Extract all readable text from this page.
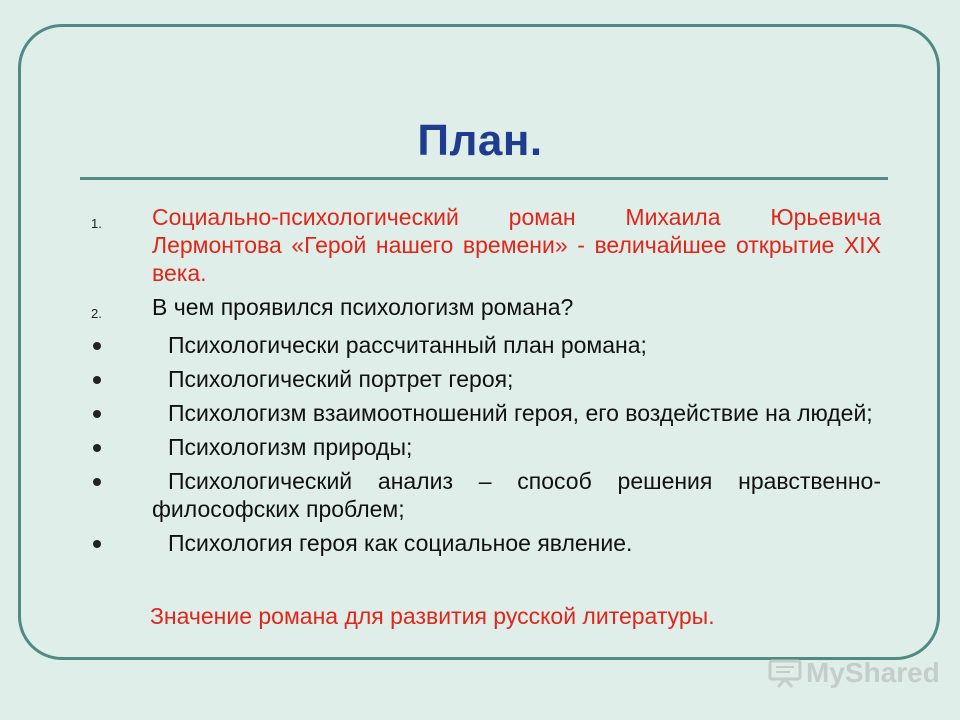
План.
1. Социально-психологический роман Михаила Юрьевича Лермонтова «Герой нашего времени» - величайшее открытие XIX века.
2. В чем проявился психологизм романа?
Психологически рассчитанный план романа;
Психологический портрет героя;
Психологизм взаимоотношений героя, его воздействие на людей;
Психологизм природы;
Психологический анализ – способ решения нравственно-философских проблем;
Психология героя как социальное явление.
Значение романа для развития русской литературы.
MyShared
